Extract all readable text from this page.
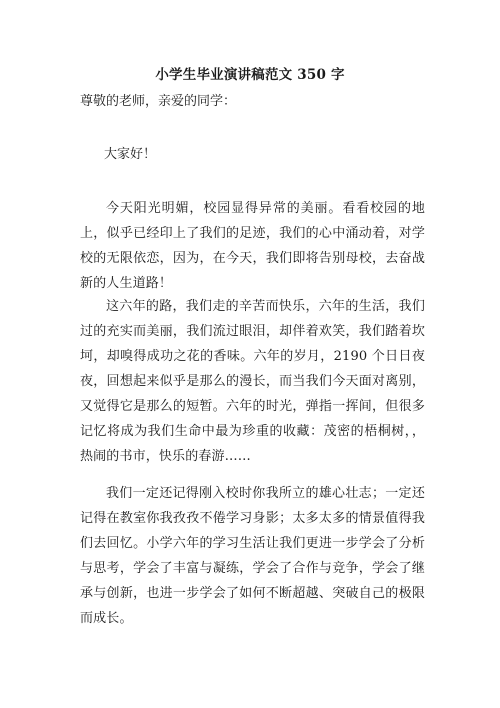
小学生毕业演讲稿范文 350 字
尊敬的老师，亲爱的同学：
大家好！

今天阳光明媚，校园显得异常的美丽。看看校园的地上，似乎已经印上了我们的足迹，我们的心中涌动着，对学校的无限依恋，因为，在今天，我们即将告别母校，去奋战新的人生道路！

这六年的路，我们走的辛苦而快乐，六年的生活，我们过的充实而美丽，我们流过眼泪，却伴着欢笑，我们踏着坎坷，却嗅得成功之花的香味。六年的岁月，2190 个日日夜夜，回想起来似乎是那么的漫长，而当我们今天面对离别，又觉得它是那么的短暂。六年的时光，弹指一挥间，但很多记忆将成为我们生命中最为珍重的收藏：茂密的梧桐树，，热闹的书市，快乐的春游……

我们一定还记得刚入校时你我所立的雄心壮志；一定还记得在教室你我孜孜不倦学习身影；太多太多的情景值得我们去回忆。小学六年的学习生活让我们更进一步学会了分析与思考，学会了丰富与凝练，学会了合作与竞争，学会了继承与创新，也进一步学会了如何不断超越、突破自己的极限而成长。
